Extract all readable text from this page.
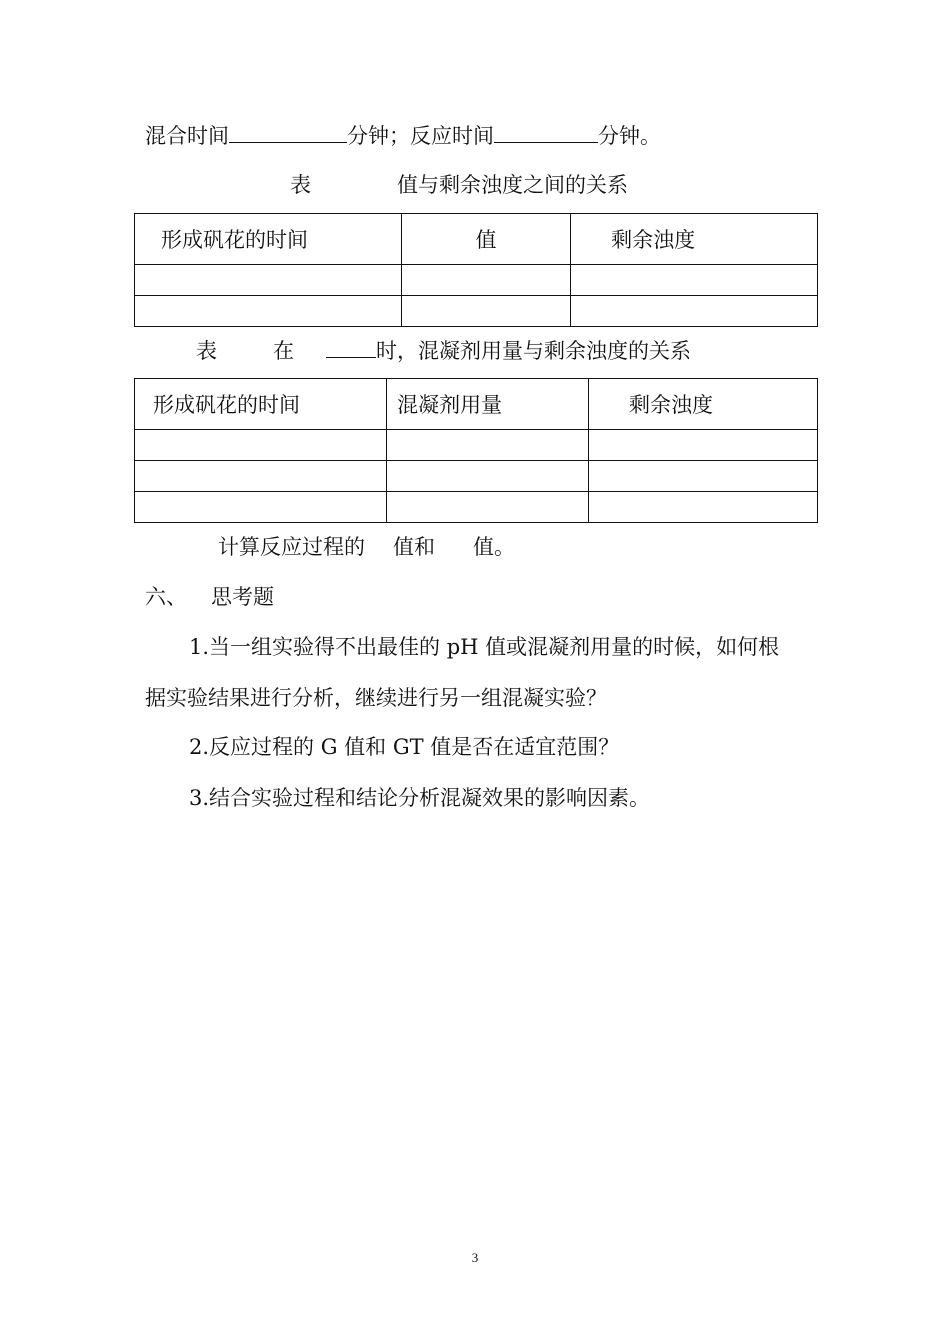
混合时间	分钟；反应时间	分钟。
表	值与剩余浊度之间的关系
形成矾花的时间	值	剩余浊度

表	在	时，混凝剂用量与剩余浊度的关系
形成矾花的时间	混凝剂用量	剩余浊度

计算反应过程的 值和 值。
六、 思考题
1.当一组实验得不出最佳的 pH 值或混凝剂用量的时候，如何根
据实验结果进行分析，继续进行另一组混凝实验？
2.反应过程的 G 值和 GT 值是否在适宜范围？
3.结合实验过程和结论分析混凝效果的影响因素。
3
